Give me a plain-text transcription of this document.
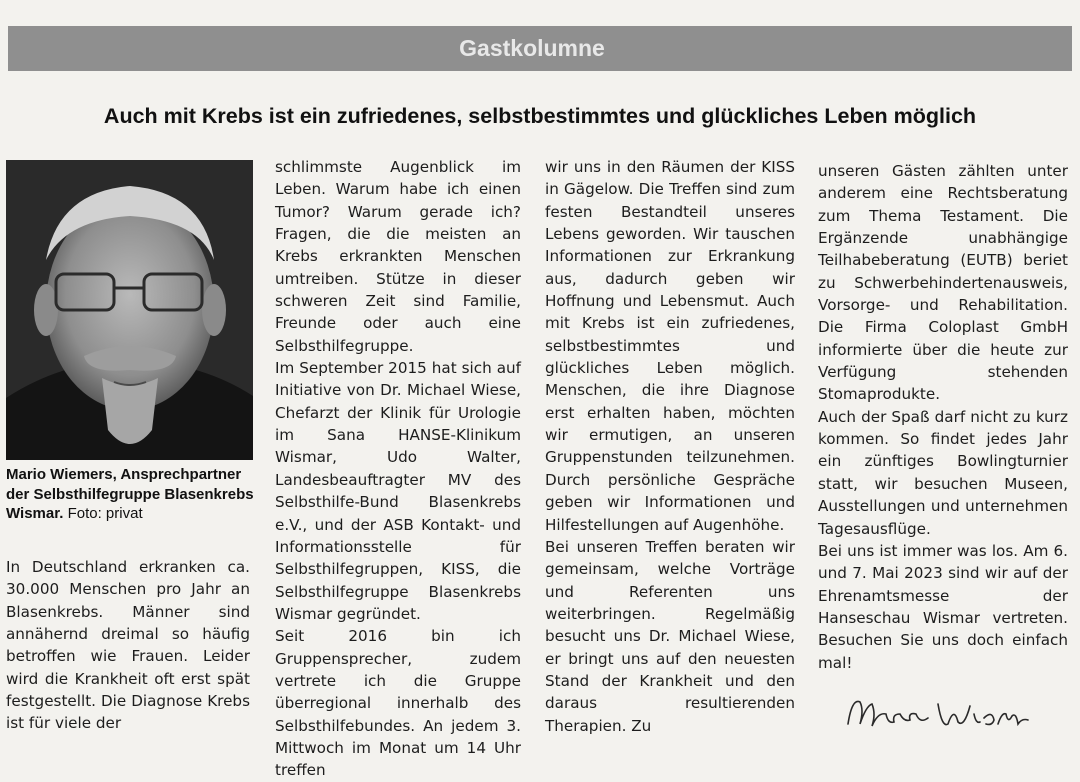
Gastkolumne
Auch mit Krebs ist ein zufriedenes, selbstbestimmtes und glückliches Leben möglich
Mario Wiemers, Ansprechpartner der Selbsthilfegruppe Blasenkrebs Wismar. Foto: privat

In Deutschland erkranken ca. 30.000 Menschen pro Jahr an Blasenkrebs. Männer sind annähernd dreimal so häufig betroffen wie Frauen. Leider wird die Krankheit oft erst spät festgestellt. Die Diagnose Krebs ist für viele der

schlimmste Augenblick im Leben. Warum habe ich einen Tumor? Warum gerade ich? Fragen, die die meisten an Krebs erkrankten Menschen umtreiben. Stütze in dieser schweren Zeit sind Familie, Freunde oder auch eine Selbsthilfegruppe.

Im September 2015 hat sich auf Initiative von Dr. Michael Wiese, Chefarzt der Klinik für Urologie im Sana HANSE-Klinikum Wismar, Udo Walter, Landesbeauftragter MV des Selbsthilfe-Bund Blasenkrebs e.V., und der ASB Kontakt- und Informationsstelle für Selbsthilfegruppen, KISS, die Selbsthilfegruppe Blasenkrebs Wismar gegründet.

Seit 2016 bin ich Gruppensprecher, zudem vertrete ich die Gruppe überregional innerhalb des Selbsthilfebundes. An jedem 3. Mittwoch im Monat um 14 Uhr treffen

wir uns in den Räumen der KISS in Gägelow. Die Treffen sind zum festen Bestandteil unseres Lebens geworden. Wir tauschen Informationen zur Erkrankung aus, dadurch geben wir Hoffnung und Lebensmut. Auch mit Krebs ist ein zufriedenes, selbstbestimmtes und glückliches Leben möglich. Menschen, die ihre Diagnose erst erhalten haben, möchten wir ermutigen, an unseren Gruppenstunden teilzunehmen. Durch persönliche Gespräche geben wir Informationen und Hilfestellungen auf Augenhöhe.

Bei unseren Treffen beraten wir gemeinsam, welche Vorträge und Referenten uns weiterbringen. Regelmäßig besucht uns Dr. Michael Wiese, er bringt uns auf den neuesten Stand der Krankheit und den daraus resultierenden Therapien. Zu

unseren Gästen zählten unter anderem eine Rechtsberatung zum Thema Testament. Die Ergänzende unabhängige Teilhabeberatung (EUTB) beriet zu Schwerbehindertenausweis, Vorsorge- und Rehabilitation. Die Firma Coloplast GmbH informierte über die heute zur Verfügung stehenden Stomaprodukte.

Auch der Spaß darf nicht zu kurz kommen. So findet jedes Jahr ein zünftiges Bowlingturnier statt, wir besuchen Museen, Ausstellungen und unternehmen Tagesausflüge.

Bei uns ist immer was los. Am 6. und 7. Mai 2023 sind wir auf der Ehrenamtsmesse der Hanseschau Wismar vertreten. Besuchen Sie uns doch einfach mal!
